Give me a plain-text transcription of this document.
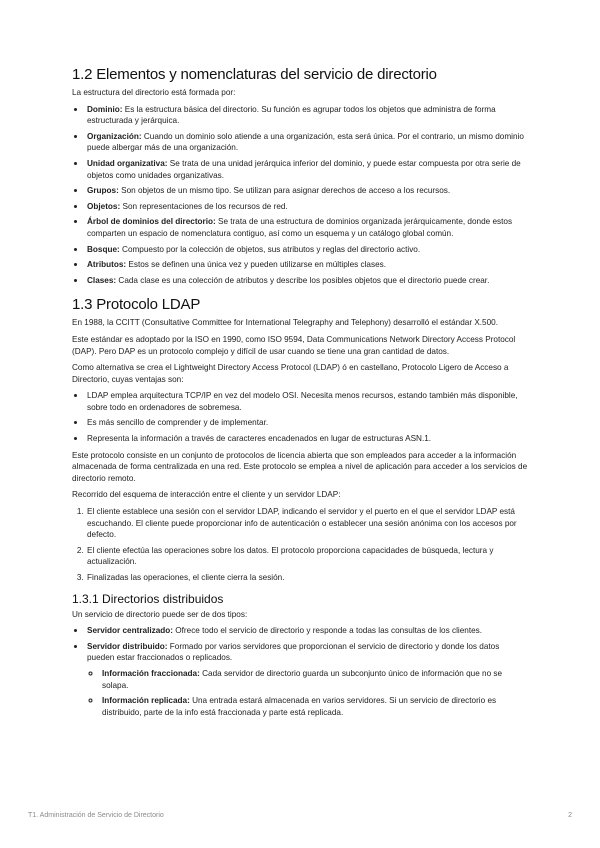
1.2 Elementos y nomenclaturas del servicio de directorio

La estructura del directorio está formada por:

• Dominio: Es la estructura básica del directorio. Su función es agrupar todos los objetos que administra de forma estructurada y jerárquica.
• Organización: Cuando un dominio solo atiende a una organización, esta será única. Por el contrario, un mismo dominio puede albergar más de una organización.
• Unidad organizativa: Se trata de una unidad jerárquica inferior del dominio, y puede estar compuesta por otra serie de objetos como unidades organizativas.
• Grupos: Son objetos de un mismo tipo. Se utilizan para asignar derechos de acceso a los recursos.
• Objetos: Son representaciones de los recursos de red.
• Árbol de dominios del directorio: Se trata de una estructura de dominios organizada jerárquicamente, donde estos comparten un espacio de nomenclatura contiguo, así como un esquema y un catálogo global común.
• Bosque: Compuesto por la colección de objetos, sus atributos y reglas del directorio activo.
• Atributos: Estos se definen una única vez y pueden utilizarse en múltiples clases.
• Clases: Cada clase es una colección de atributos y describe los posibles objetos que el directorio puede crear.
1.3 Protocolo LDAP

En 1988, la CCITT (Consultative Committee for International Telegraphy and Telephony) desarrolló el estándar X.500.

Este estándar es adoptado por la ISO en 1990, como ISO 9594, Data Communications Network Directory Access Protocol (DAP). Pero DAP es un protocolo complejo y difícil de usar cuando se tiene una gran cantidad de datos.

Como alternativa se crea el Lightweight Directory Access Protocol (LDAP) ó en castellano, Protocolo Ligero de Acceso a Directorio, cuyas ventajas son:

• LDAP emplea arquitectura TCP/IP en vez del modelo OSI. Necesita menos recursos, estando también más disponible, sobre todo en ordenadores de sobremesa.
• Es más sencillo de comprender y de implementar.
• Representa la información a través de caracteres encadenados en lugar de estructuras ASN.1.

Este protocolo consiste en un conjunto de protocolos de licencia abierta que son empleados para acceder a la información almacenada de forma centralizada en una red. Este protocolo se emplea a nivel de aplicación para acceder a los servicios de directorio remoto.

Recorrido del esquema de interacción entre el cliente y un servidor LDAP:

1. El cliente establece una sesión con el servidor LDAP, indicando el servidor y el puerto en el que el servidor LDAP está escuchando. El cliente puede proporcionar info de autenticación o establecer una sesión anónima con los accesos por defecto.
2. El cliente efectúa las operaciones sobre los datos. El protocolo proporciona capacidades de búsqueda, lectura y actualización.
3. Finalizadas las operaciones, el cliente cierra la sesión.
1.3.1 Directorios distribuidos

Un servicio de directorio puede ser de dos tipos:

• Servidor centralizado: Ofrece todo el servicio de directorio y responde a todas las consultas de los clientes.
• Servidor distribuido: Formado por varios servidores que proporcionan el servicio de directorio y donde los datos pueden estar fraccionados o replicados.
◦ Información fraccionada: Cada servidor de directorio guarda un subconjunto único de información que no se solapa.
◦ Información replicada: Una entrada estará almacenada en varios servidores. Si un servicio de directorio es distribuido, parte de la info está fraccionada y parte está replicada.
T1. Administración de Servicio de Directorio	2
